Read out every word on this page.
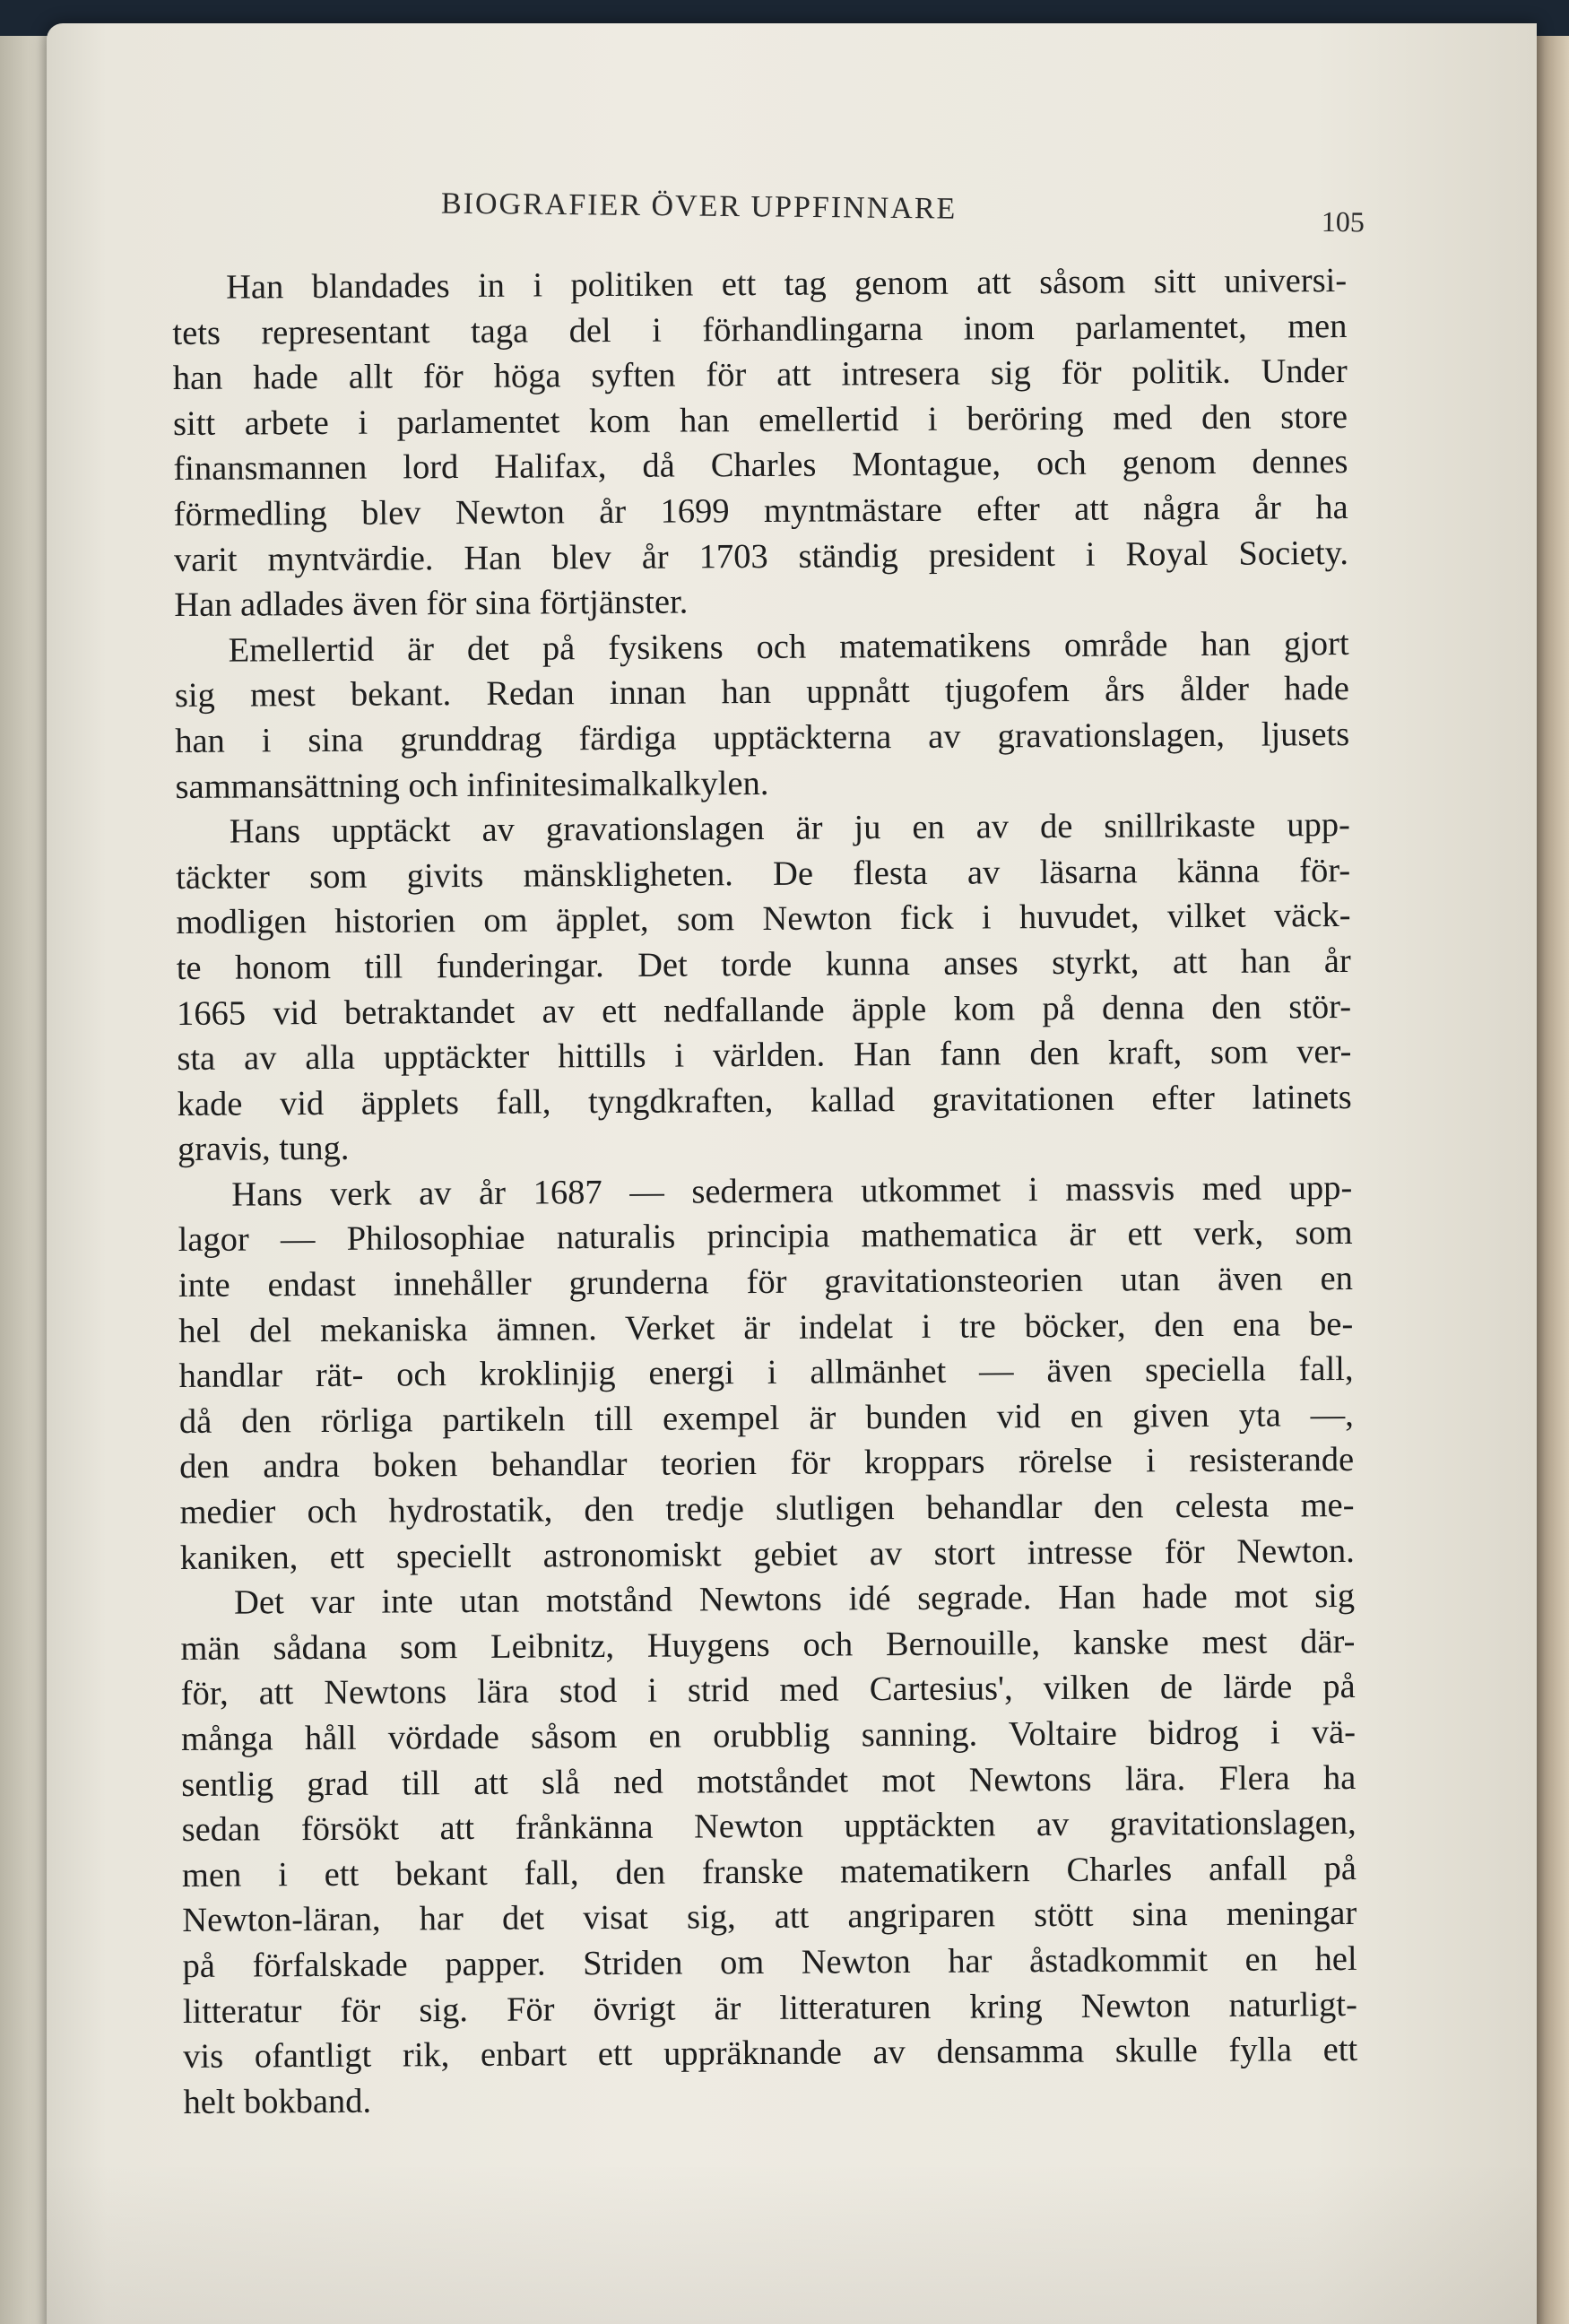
BIOGRAFIER ÖVER UPPFINNARE	105
Han blandades in i politiken ett tag genom att såsom sitt universi-
tets representant taga del i förhandlingarna inom parlamentet, men
han hade allt för höga syften för att intresera sig för politik. Under
sitt arbete i parlamentet kom han emellertid i beröring med den store
finansmannen lord Halifax, då Charles Montague, och genom dennes
förmedling blev Newton år 1699 myntmästare efter att några år ha
varit myntvärdie. Han blev år 1703 ständig president i Royal Society.
Han adlades även för sina förtjänster.
Emellertid är det på fysikens och matematikens område han gjort
sig mest bekant. Redan innan han uppnått tjugofem års ålder hade
han i sina grunddrag färdiga upptäckterna av gravationslagen, ljusets
sammansättning och infinitesimalkalkylen.
Hans upptäckt av gravationslagen är ju en av de snillrikaste upp-
täckter som givits mänskligheten. De flesta av läsarna känna för-
modligen historien om äpplet, som Newton fick i huvudet, vilket väck-
te honom till funderingar. Det torde kunna anses styrkt, att han år
1665 vid betraktandet av ett nedfallande äpple kom på denna den stör-
sta av alla upptäckter hittills i världen. Han fann den kraft, som ver-
kade vid äpplets fall, tyngdkraften, kallad gravitationen efter latinets
gravis, tung.
Hans verk av år 1687 — sedermera utkommet i massvis med upp-
lagor — Philosophiae naturalis principia mathematica är ett verk, som
inte endast innehåller grunderna för gravitationsteorien utan även en
hel del mekaniska ämnen. Verket är indelat i tre böcker, den ena be-
handlar rät- och kroklinjig energi i allmänhet — även speciella fall,
då den rörliga partikeln till exempel är bunden vid en given yta —,
den andra boken behandlar teorien för kroppars rörelse i resisterande
medier och hydrostatik, den tredje slutligen behandlar den celesta me-
kaniken, ett speciellt astronomiskt gebiet av stort intresse för Newton.
Det var inte utan motstånd Newtons idé segrade. Han hade mot sig
män sådana som Leibnitz, Huygens och Bernouille, kanske mest där-
för, att Newtons lära stod i strid med Cartesius', vilken de lärde på
många håll vördade såsom en orubblig sanning. Voltaire bidrog i vä-
sentlig grad till att slå ned motståndet mot Newtons lära. Flera ha
sedan försökt att frånkänna Newton upptäckten av gravitationslagen,
men i ett bekant fall, den franske matematikern Charles anfall på
Newton-läran, har det visat sig, att angriparen stött sina meningar
på förfalskade papper. Striden om Newton har åstadkommit en hel
litteratur för sig. För övrigt är litteraturen kring Newton naturligt-
vis ofantligt rik, enbart ett uppräknande av densamma skulle fylla ett
helt bokband.
